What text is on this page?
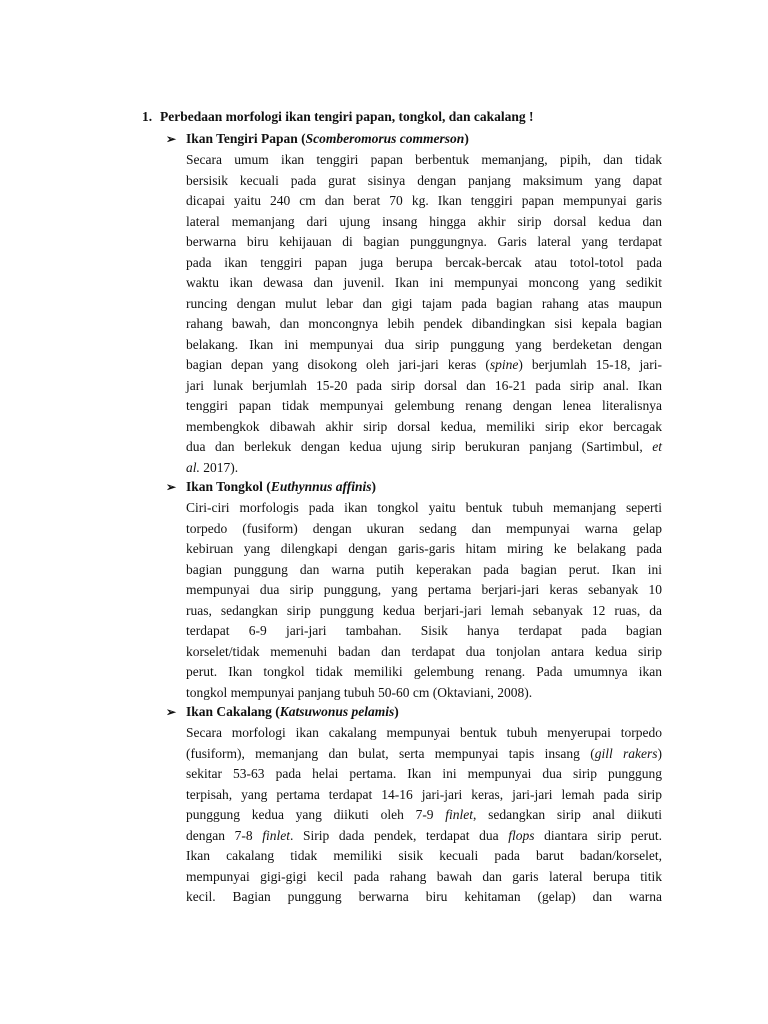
1. Perbedaan morfologi ikan tengiri papan, tongkol, dan cakalang !
➢ Ikan Tengiri Papan (Scomberomorus commerson)
Secara umum ikan tenggiri papan berbentuk memanjang, pipih, dan tidak
bersisik kecuali pada gurat sisinya dengan panjang maksimum yang dapat
dicapai yaitu 240 cm dan berat 70 kg. Ikan tenggiri papan mempunyai garis
lateral memanjang dari ujung insang hingga akhir sirip dorsal kedua dan
berwarna biru kehijauan di bagian punggungnya. Garis lateral yang terdapat
pada ikan tenggiri papan juga berupa bercak-bercak atau totol-totol pada
waktu ikan dewasa dan juvenil. Ikan ini mempunyai moncong yang sedikit
runcing dengan mulut lebar dan gigi tajam pada bagian rahang atas maupun
rahang bawah, dan moncongnya lebih pendek dibandingkan sisi kepala bagian
belakang. Ikan ini mempunyai dua sirip punggung yang berdeketan dengan
bagian depan yang disokong oleh jari-jari keras (spine) berjumlah 15-18, jari-
jari lunak berjumlah 15-20 pada sirip dorsal dan 16-21 pada sirip anal. Ikan
tenggiri papan tidak mempunyai gelembung renang dengan lenea literalisnya
membengkok dibawah akhir sirip dorsal kedua, memiliki sirip ekor bercagak
dua dan berlekuk dengan kedua ujung sirip berukuran panjang (Sartimbul, et
al. 2017).
➢ Ikan Tongkol (Euthynnus affinis)
Ciri-ciri morfologis pada ikan tongkol yaitu bentuk tubuh memanjang seperti
torpedo (fusiform) dengan ukuran sedang dan mempunyai warna gelap
kebiruan yang dilengkapi dengan garis-garis hitam miring ke belakang pada
bagian punggung dan warna putih keperakan pada bagian perut. Ikan ini
mempunyai dua sirip punggung, yang pertama berjari-jari keras sebanyak 10
ruas, sedangkan sirip punggung kedua berjari-jari lemah sebanyak 12 ruas, da
terdapat 6-9 jari-jari tambahan. Sisik hanya terdapat pada bagian
korselet/tidak memenuhi badan dan terdapat dua tonjolan antara kedua sirip
perut. Ikan tongkol tidak memiliki gelembung renang. Pada umumnya ikan
tongkol mempunyai panjang tubuh 50-60 cm (Oktaviani, 2008).
➢ Ikan Cakalang (Katsuwonus pelamis)
Secara morfologi ikan cakalang mempunyai bentuk tubuh menyerupai torpedo
(fusiform), memanjang dan bulat, serta mempunyai tapis insang (gill rakers)
sekitar 53-63 pada helai pertama. Ikan ini mempunyai dua sirip punggung
terpisah, yang pertama terdapat 14-16 jari-jari keras, jari-jari lemah pada sirip
punggung kedua yang diikuti oleh 7-9 finlet, sedangkan sirip anal diikuti
dengan 7-8 finlet. Sirip dada pendek, terdapat dua flops diantara sirip perut.
Ikan cakalang tidak memiliki sisik kecuali pada barut badan/korselet,
mempunyai gigi-gigi kecil pada rahang bawah dan garis lateral berupa titik
kecil. Bagian punggung berwarna biru kehitaman (gelap) dan warna
